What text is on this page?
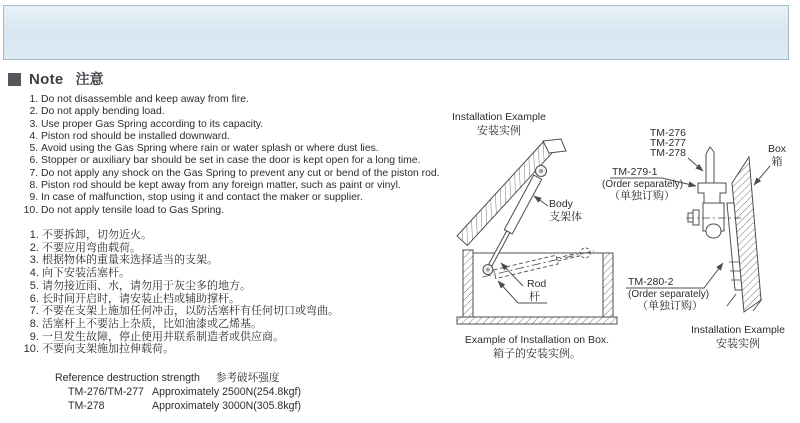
Note 注意
1. Do not disassemble and keep away from fire.
2. Do not apply bending load.
3. Use proper Gas Spring according to its capacity.
4. Piston rod should be installed downward.
5. Avoid using the Gas Spring where rain or water splash or where dust lies.
6. Stopper or auxiliary bar should be set in case the door is kept open for a long time.
7. Do not apply any shock on the Gas Spring to prevent any cut or bend of the piston rod.
8. Piston rod should be kept away from any foreign matter, such as paint or vinyl.
9. In case of malfunction, stop using it and contact the maker or supplier.
10. Do not apply tensile load to Gas Spring.
1. 不要拆卸，切勿近火。
2. 不要应用弯曲载荷。
3. 根据物体的重量来选择适当的支架。
4. 向下安装活塞杆。
5. 请勿接近雨、水，请勿用于灰尘多的地方。
6. 长时间开启时，请安装止档或辅助撑杆。
7. 不要在支架上施加任何冲击，以防活塞杆有任何切口或弯曲。
8. 活塞杆上不要沾上杂质，比如油漆或乙烯基。
9. 一旦发生故障，停止使用并联系制造者或供应商。
10. 不要向支架施加拉伸载荷。
Reference destruction strength 参考破坏强度
TM-276/TM-277 Approximately 2500N(254.8kgf)
TM-278	Approximately 3000N(305.8kgf)
Installation Example
安装实例
Body
支架体
Rod
杆
Example of Installation on Box.
箱子的安装实例。
TM-276
TM-277
TM-278	Box
箱
TM-279-1
(Order separately)
（单独订购）
TM-280-2
(Order separately)
（单独订购）
Installation Example
安装实例
